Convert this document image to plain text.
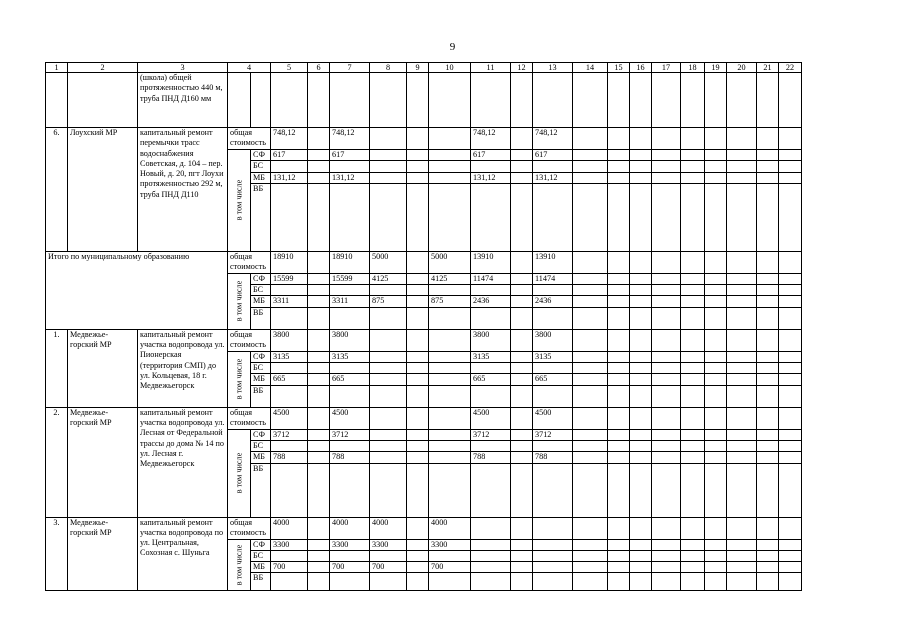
9
1	2	3	4		5	6	7	8	9	10	11	12	13	14	15	16	17	18	19	20	21	22
		(школа) общей протяженностью 440 м, труба ПНД Д160 мм																				
6.	Лоухский МР	капитальный ремонт перемычки трасс водоснабжения Советская, д. 104 – пер. Новый, д. 20, пгт Лоухи протяженностью 292 м, труба ПНД Д110	общая стоимость		748,12		748,12				748,12		748,12									

			в том числе	СФ	617		617				617		617									
				БС																		
				МБ	131,12		131,12				131,12		131,12									
				ВБ																		
Итого по муниципальному образованию			общая стоимость		18910		18910	5000		5000	13910		13910									

			в том числе	СФ	15599		15599	4125		4125	11474		11474									
				БС																		
				МБ	3311		3311	875		875	2436		2436									
				ВБ																		
1.	Медвежье-горский МР	капитальный ремонт участка водопровода ул. Пионерская (территория СМП) до ул. Кольцевая, 18 г. Медвежьегорск	общая стоимость		3800		3800				3800		3800									

			в том числе	СФ	3135		3135				3135		3135									
				БС																		
				МБ	665		665				665		665									
				ВБ																		
2.	Медвежье-горский МР	капитальный ремонт участка водопровода ул. Лесная от Федеральной трассы до дома № 14 по ул. Лесная г. Медвежьегорск	общая стоимость		4500		4500				4500		4500									

			в том числе	СФ	3712		3712				3712		3712									
				БС																		
				МБ	788		788				788		788									
				ВБ																		
3.	Медвежье-горский МР	капитальный ремонт участка водопровода по ул. Центральная, Сохозная с. Шуньга	общая стоимость		4000		4000	4000		4000												

			в том числе	СФ	3300		3300	3300		3300												
				БС																		
				МБ	700		700	700		700												
				ВБ																		
